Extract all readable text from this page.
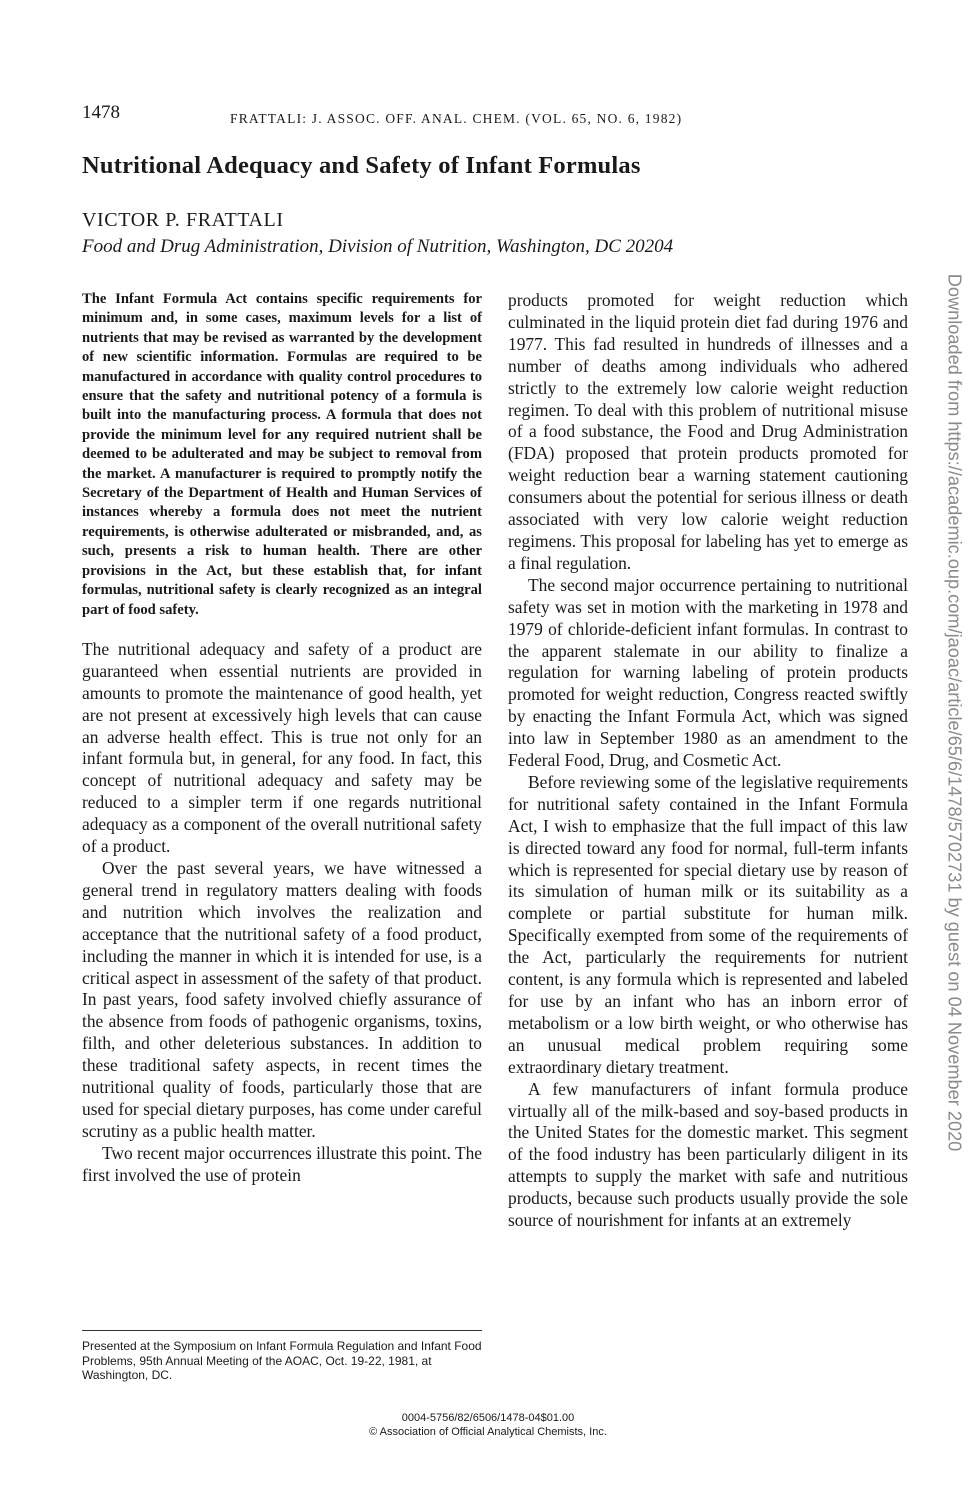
1478	FRATTALI: J. ASSOC. OFF. ANAL. CHEM. (VOL. 65, NO. 6, 1982)
Nutritional Adequacy and Safety of Infant Formulas
VICTOR P. FRATTALI
Food and Drug Administration, Division of Nutrition, Washington, DC 20204

The Infant Formula Act contains specific requirements for minimum and, in some cases, maximum levels for a list of nutrients that may be revised as warranted by the development of new scientific information. Formulas are required to be manufactured in accordance with quality control procedures to ensure that the safety and nutritional potency of a formula is built into the manufacturing process. A formula that does not provide the minimum level for any required nutrient shall be deemed to be adulterated and may be subject to removal from the market. A manufacturer is required to promptly notify the Secretary of the Department of Health and Human Services of instances whereby a formula does not meet the nutrient requirements, is otherwise adulterated or misbranded, and, as such, presents a risk to human health. There are other provisions in the Act, but these establish that, for infant formulas, nutritional safety is clearly recognized as an integral part of food safety.

The nutritional adequacy and safety of a product are guaranteed when essential nutrients are provided in amounts to promote the maintenance of good health, yet are not present at excessively high levels that can cause an adverse health effect. This is true not only for an infant formula but, in general, for any food. In fact, this concept of nutritional adequacy and safety may be reduced to a simpler term if one regards nutritional adequacy as a component of the overall nutritional safety of a product.

Over the past several years, we have witnessed a general trend in regulatory matters dealing with foods and nutrition which involves the realization and acceptance that the nutritional safety of a food product, including the manner in which it is intended for use, is a critical aspect in assessment of the safety of that product. In past years, food safety involved chiefly assurance of the absence from foods of pathogenic organisms, toxins, filth, and other deleterious substances. In addition to these traditional safety aspects, in recent times the nutritional quality of foods, particularly those that are used for special dietary purposes, has come under careful scrutiny as a public health matter.

Two recent major occurrences illustrate this point. The first involved the use of protein

products promoted for weight reduction which culminated in the liquid protein diet fad during 1976 and 1977. This fad resulted in hundreds of illnesses and a number of deaths among individuals who adhered strictly to the extremely low calorie weight reduction regimen. To deal with this problem of nutritional misuse of a food substance, the Food and Drug Administration (FDA) proposed that protein products promoted for weight reduction bear a warning statement cautioning consumers about the potential for serious illness or death associated with very low calorie weight reduction regimens. This proposal for labeling has yet to emerge as a final regulation.

The second major occurrence pertaining to nutritional safety was set in motion with the marketing in 1978 and 1979 of chloride-deficient infant formulas. In contrast to the apparent stalemate in our ability to finalize a regulation for warning labeling of protein products promoted for weight reduction, Congress reacted swiftly by enacting the Infant Formula Act, which was signed into law in September 1980 as an amendment to the Federal Food, Drug, and Cosmetic Act.

Before reviewing some of the legislative requirements for nutritional safety contained in the Infant Formula Act, I wish to emphasize that the full impact of this law is directed toward any food for normal, full-term infants which is represented for special dietary use by reason of its simulation of human milk or its suitability as a complete or partial substitute for human milk. Specifically exempted from some of the requirements of the Act, particularly the requirements for nutrient content, is any formula which is represented and labeled for use by an infant who has an inborn error of metabolism or a low birth weight, or who otherwise has an unusual medical problem requiring some extraordinary dietary treatment.

A few manufacturers of infant formula produce virtually all of the milk-based and soy-based products in the United States for the domestic market. This segment of the food industry has been particularly diligent in its attempts to supply the market with safe and nutritious products, because such products usually provide the sole source of nourishment for infants at an extremely

Presented at the Symposium on Infant Formula Regulation and Infant Food Problems, 95th Annual Meeting of the AOAC, Oct. 19-22, 1981, at Washington, DC.
0004-5756/82/6506/1478-04$01.00
© Association of Official Analytical Chemists, Inc.
Downloaded from https://academic.oup.com/jaoac/article/65/6/1478/5702731 by guest on 04 November 2020
